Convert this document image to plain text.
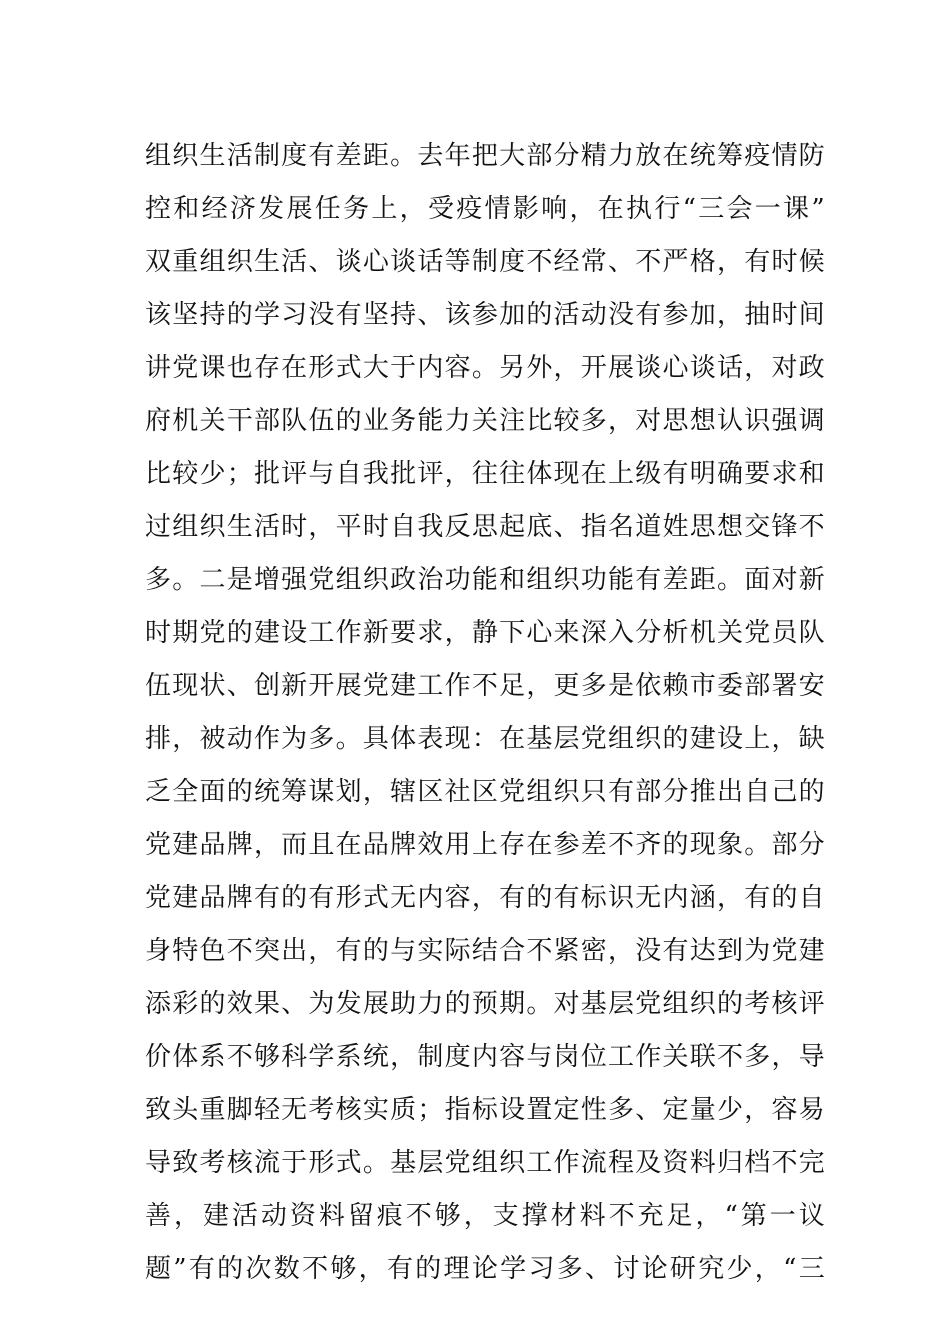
组织生活制度有差距。去年把大部分精力放在统筹疫情防
控和经济发展任务上，受疫情影响，在执行“三会一课”
双重组织生活、谈心谈话等制度不经常、不严格，有时候
该坚持的学习没有坚持、该参加的活动没有参加，抽时间
讲党课也存在形式大于内容。另外，开展谈心谈话，对政
府机关干部队伍的业务能力关注比较多，对思想认识强调
比较少；批评与自我批评，往往体现在上级有明确要求和
过组织生活时，平时自我反思起底、指名道姓思想交锋不
多。二是增强党组织政治功能和组织功能有差距。面对新
时期党的建设工作新要求，静下心来深入分析机关党员队
伍现状、创新开展党建工作不足，更多是依赖市委部署安
排，被动作为多。具体表现：在基层党组织的建设上，缺
乏全面的统筹谋划，辖区社区党组织只有部分推出自己的
党建品牌，而且在品牌效用上存在参差不齐的现象。部分
党建品牌有的有形式无内容，有的有标识无内涵，有的自
身特色不突出，有的与实际结合不紧密，没有达到为党建
添彩的效果、为发展助力的预期。对基层党组织的考核评
价体系不够科学系统，制度内容与岗位工作关联不多，导
致头重脚轻无考核实质；指标设置定性多、定量少，容易
导致考核流于形式。基层党组织工作流程及资料归档不完
善，建活动资料留痕不够，支撑材料不充足，“第一议
题”有的次数不够，有的理论学习多、讨论研究少，“三
